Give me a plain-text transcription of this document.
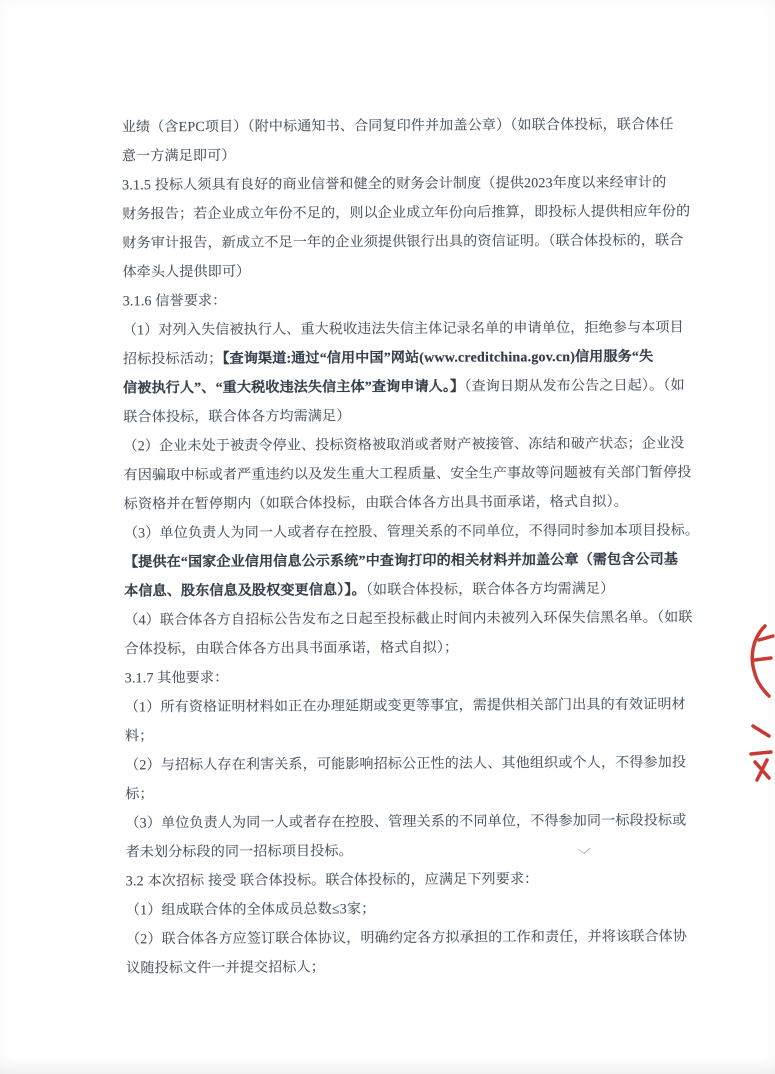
业绩（含EPC项目）（附中标通知书、合同复印件并加盖公章）（如联合体投标，联合体任
意一方满足即可）
3.1.5 投标人须具有良好的商业信誉和健全的财务会计制度（提供2023年度以来经审计的
财务报告；若企业成立年份不足的，则以企业成立年份向后推算，即投标人提供相应年份的
财务审计报告，新成立不足一年的企业须提供银行出具的资信证明。（联合体投标的，联合
体牵头人提供即可）
3.1.6 信誉要求：
（1）对列入失信被执行人、重大税收违法失信主体记录名单的申请单位，拒绝参与本项目
招标投标活动；【查询渠道:通过“信用中国”网站(www.creditchina.gov.cn)信用服务“失
信被执行人”、“重大税收违法失信主体”查询申请人。】（查询日期从发布公告之日起）。（如
联合体投标，联合体各方均需满足）
（2）企业未处于被责令停业、投标资格被取消或者财产被接管、冻结和破产状态；企业没
有因骗取中标或者严重违约以及发生重大工程质量、安全生产事故等问题被有关部门暂停投
标资格并在暂停期内（如联合体投标，由联合体各方出具书面承诺，格式自拟）。
（3）单位负责人为同一人或者存在控股、管理关系的不同单位，不得同时参加本项目投标。
【提供在“国家企业信用信息公示系统”中查询打印的相关材料并加盖公章（需包含公司基
本信息、股东信息及股权变更信息）】。（如联合体投标，联合体各方均需满足）
（4）联合体各方自招标公告发布之日起至投标截止时间内未被列入环保失信黑名单。（如联
合体投标，由联合体各方出具书面承诺，格式自拟）；
3.1.7 其他要求：
（1）所有资格证明材料如正在办理延期或变更等事宜，需提供相关部门出具的有效证明材
料；
（2）与招标人存在利害关系，可能影响招标公正性的法人、其他组织或个人，不得参加投
标；
（3）单位负责人为同一人或者存在控股、管理关系的不同单位，不得参加同一标段投标或
者未划分标段的同一招标项目投标。
3.2 本次招标 接受 联合体投标。联合体投标的，应满足下列要求：
（1）组成联合体的全体成员总数≤3家；
（2）联合体各方应签订联合体协议，明确约定各方拟承担的工作和责任，并将该联合体协
议随投标文件一并提交招标人；
